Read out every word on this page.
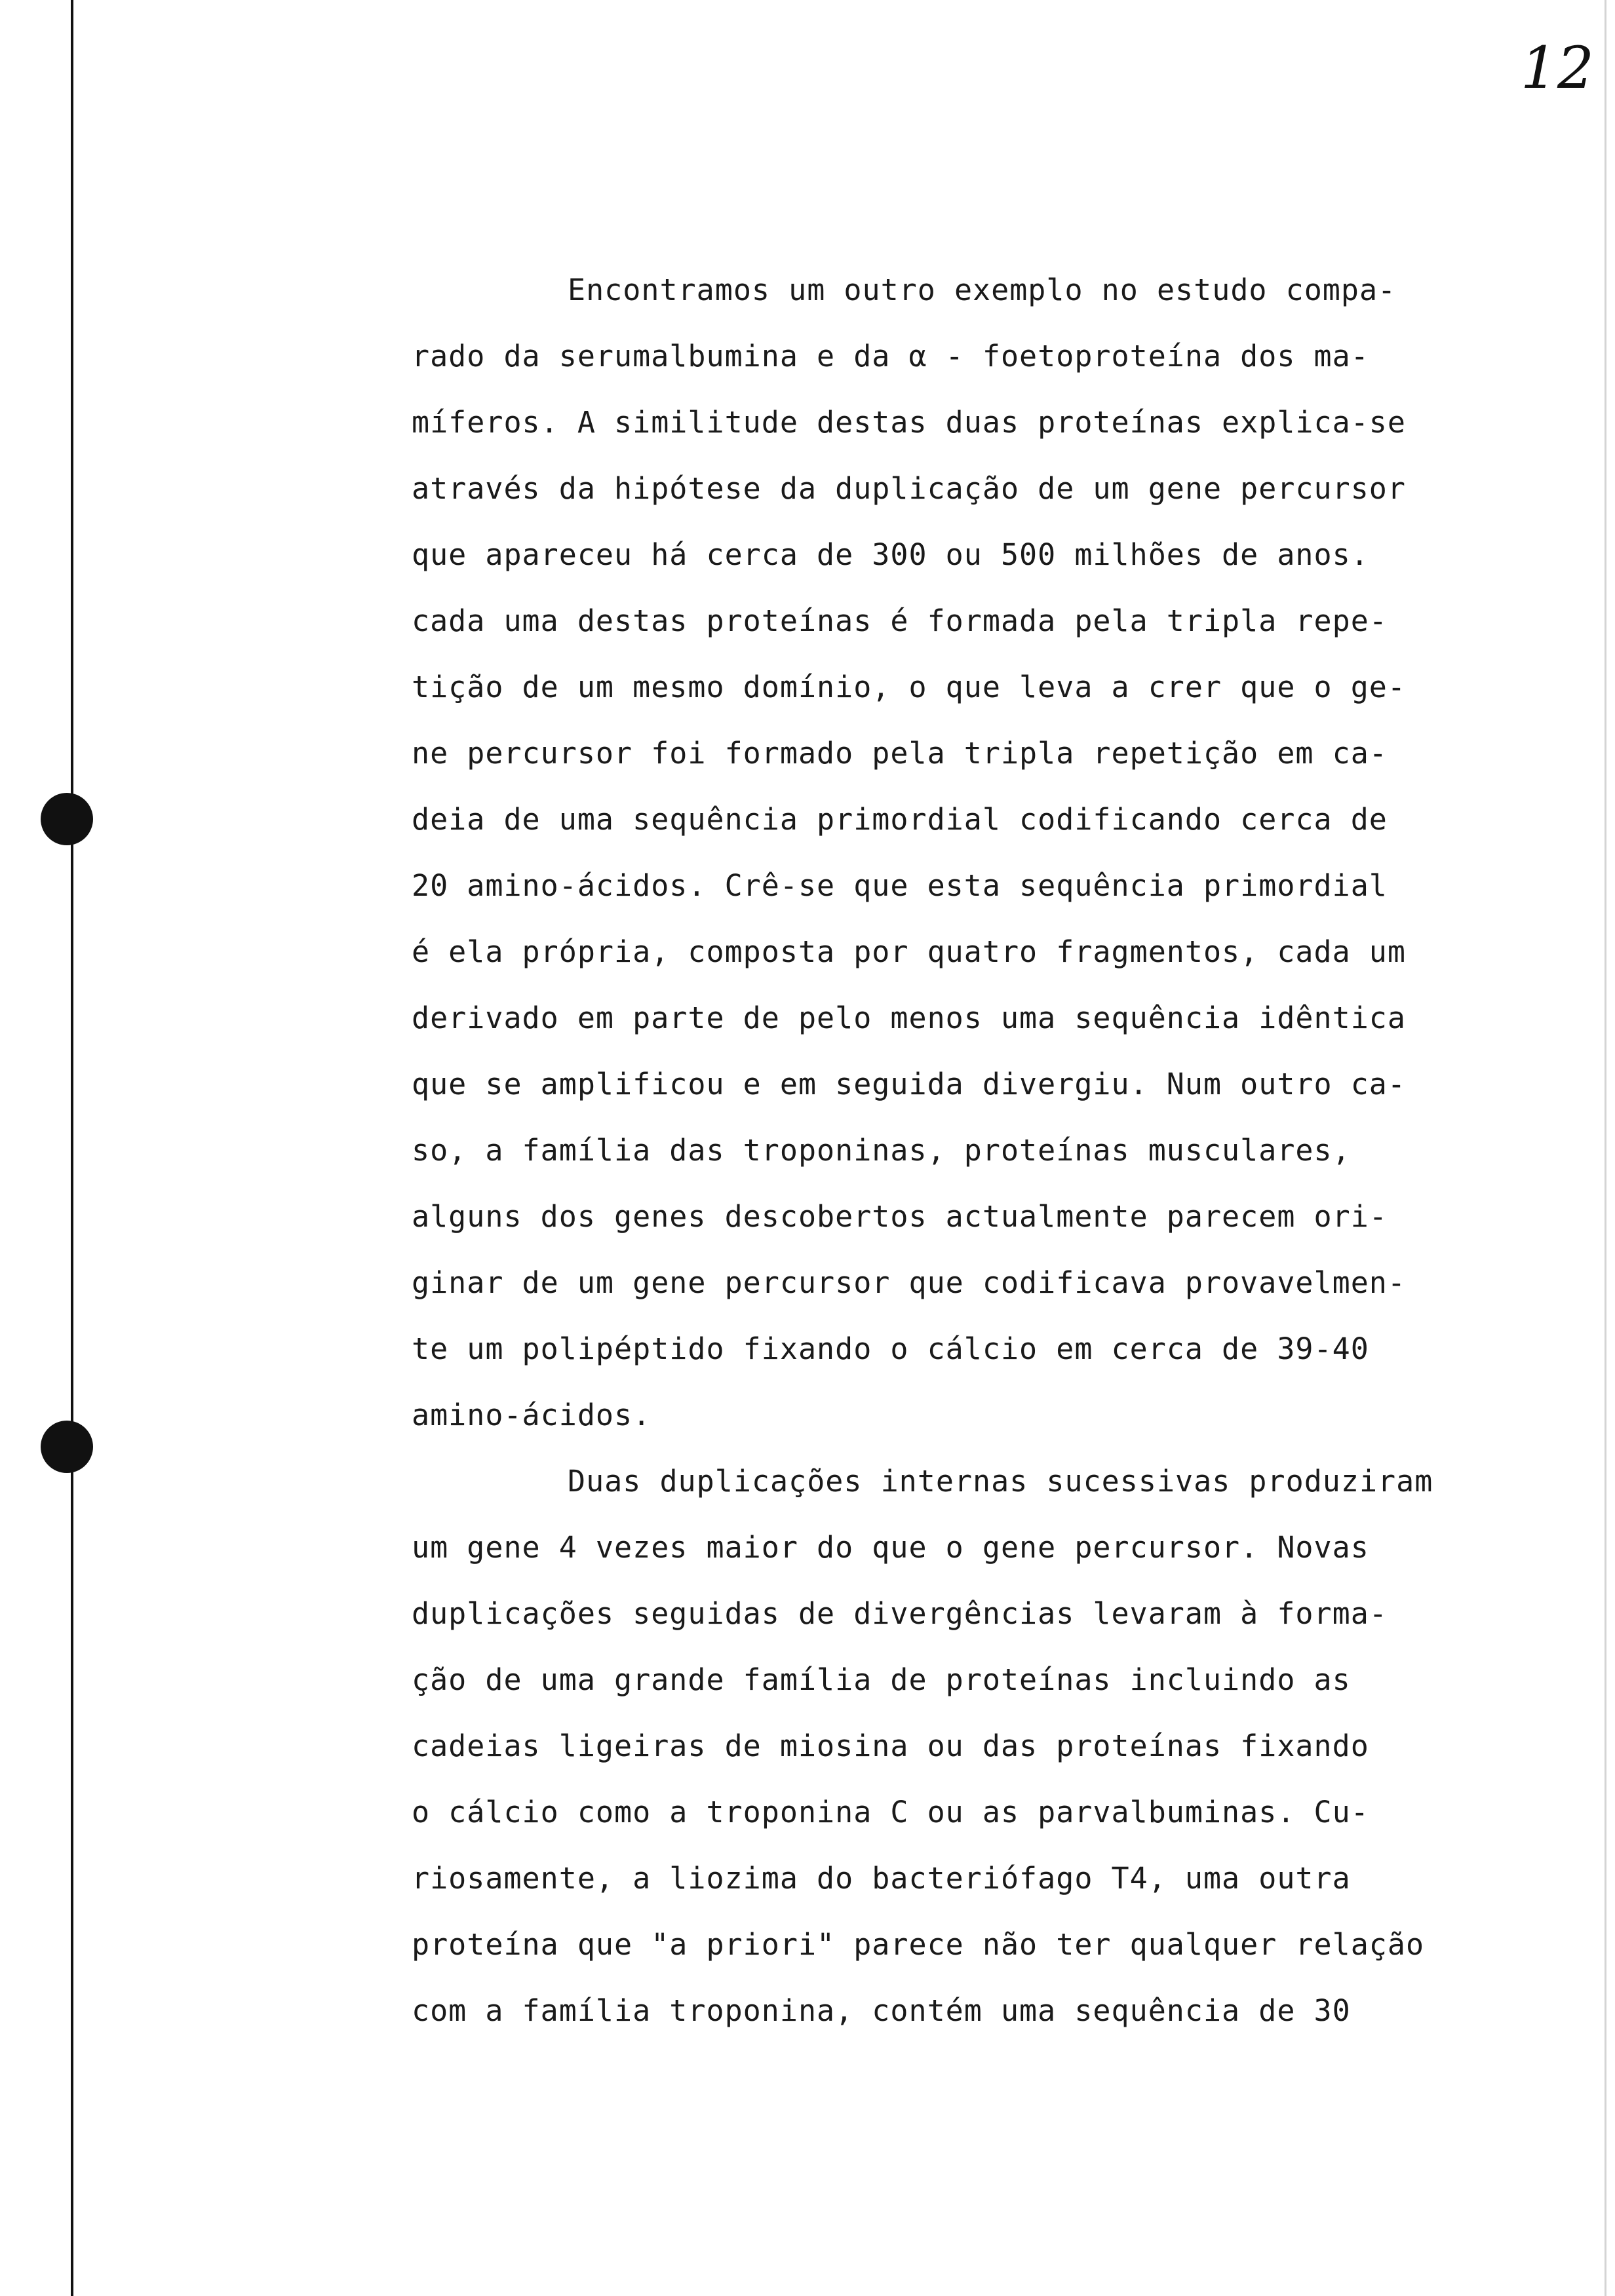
12
Encontramos um outro exemplo no estudo compa-
rado da serumalbumina e da α - foetoproteína dos ma-
míferos. A similitude destas duas proteínas explica-se
através da hipótese da duplicação de um gene percursor
que apareceu há cerca de 300 ou 500 milhões de anos.
cada uma destas proteínas é formada pela tripla repe-
tição de um mesmo domínio, o que leva a crer que o ge-
ne percursor foi formado pela tripla repetição em ca-
deia de uma sequência primordial codificando cerca de
20 amino-ácidos. Crê-se que esta sequência primordial
é ela própria, composta por quatro fragmentos, cada um
derivado em parte de pelo menos uma sequência idêntica
que se amplificou e em seguida divergiu. Num outro ca-
so, a família das troponinas, proteínas musculares,
alguns dos genes descobertos actualmente parecem ori-
ginar de um gene percursor que codificava provavelmen-
te um polipéptido fixando o cálcio em cerca de 39-40
amino-ácidos.
Duas duplicações internas sucessivas produziram
um gene 4 vezes maior do que o gene percursor. Novas
duplicações seguidas de divergências levaram à forma-
ção de uma grande família de proteínas incluindo as
cadeias ligeiras de miosina ou das proteínas fixando
o cálcio como a troponina C ou as parvalbuminas. Cu-
riosamente, a liozima do bacteriófago T4, uma outra
proteína que "a priori" parece não ter qualquer relação
com a família troponina, contém uma sequência de 30
